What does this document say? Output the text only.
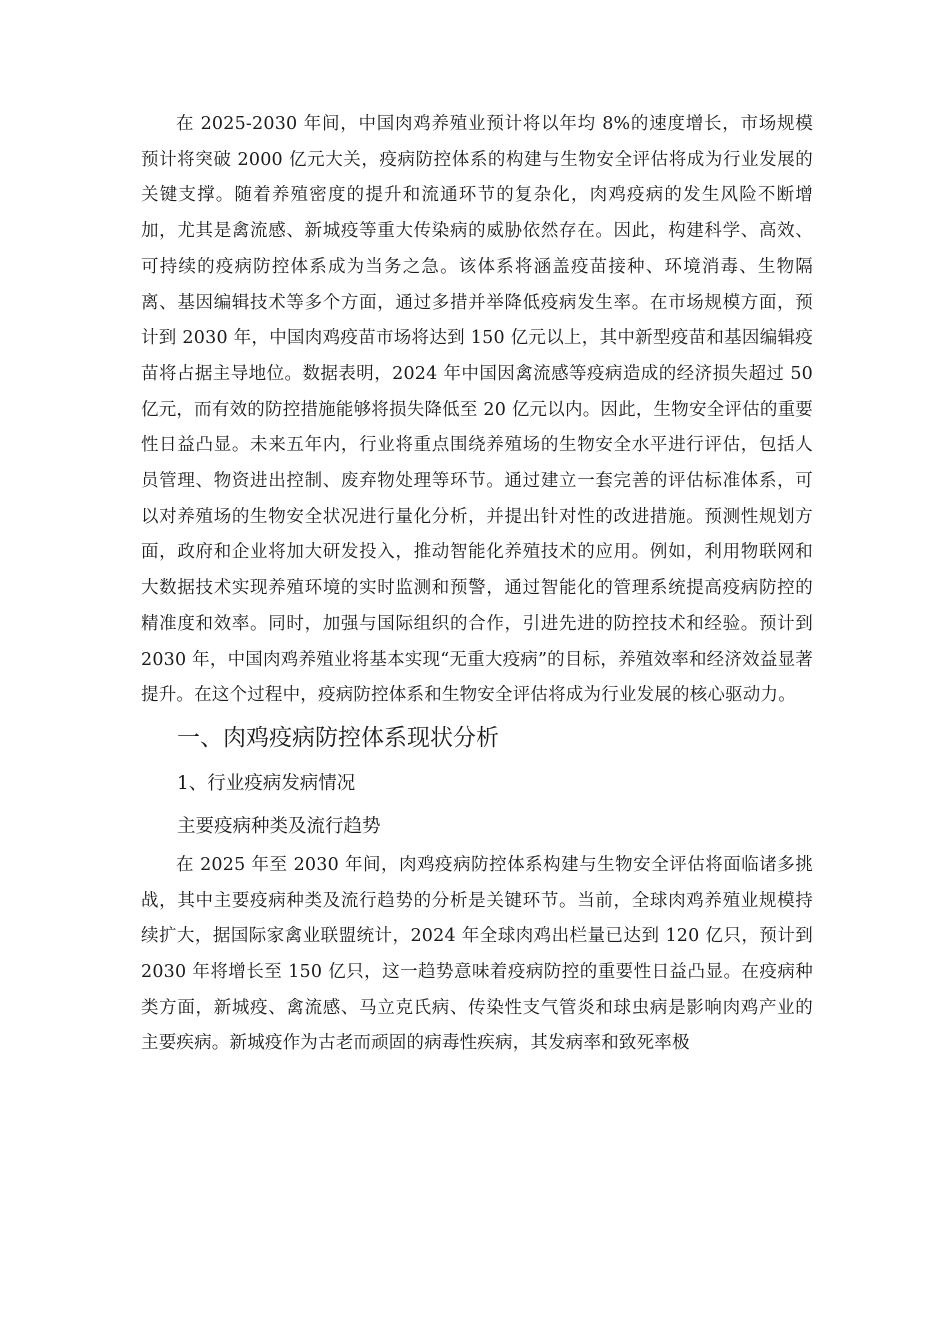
在 2025-2030 年间，中国肉鸡养殖业预计将以年均 8%的速度增长，市场规模预计将突破 2000 亿元大关，疫病防控体系的构建与生物安全评估将成为行业发展的关键支撑。随着养殖密度的提升和流通环节的复杂化，肉鸡疫病的发生风险不断增加，尤其是禽流感、新城疫等重大传染病的威胁依然存在。因此，构建科学、高效、可持续的疫病防控体系成为当务之急。该体系将涵盖疫苗接种、环境消毒、生物隔离、基因编辑技术等多个方面，通过多措并举降低疫病发生率。在市场规模方面，预计到 2030 年，中国肉鸡疫苗市场将达到 150 亿元以上，其中新型疫苗和基因编辑疫苗将占据主导地位。数据表明，2024 年中国因禽流感等疫病造成的经济损失超过 50 亿元，而有效的防控措施能够将损失降低至 20 亿元以内。因此，生物安全评估的重要性日益凸显。未来五年内，行业将重点围绕养殖场的生物安全水平进行评估，包括人员管理、物资进出控制、废弃物处理等环节。通过建立一套完善的评估标准体系，可以对养殖场的生物安全状况进行量化分析，并提出针对性的改进措施。预测性规划方面，政府和企业将加大研发投入，推动智能化养殖技术的应用。例如，利用物联网和大数据技术实现养殖环境的实时监测和预警，通过智能化的管理系统提高疫病防控的精准度和效率。同时，加强与国际组织的合作，引进先进的防控技术和经验。预计到 2030 年，中国肉鸡养殖业将基本实现“无重大疫病”的目标，养殖效率和经济效益显著提升。在这个过程中，疫病防控体系和生物安全评估将成为行业发展的核心驱动力。

一、肉鸡疫病防控体系现状分析
1、行业疫病发病情况
主要疫病种类及流行趋势

在 2025 年至 2030 年间，肉鸡疫病防控体系构建与生物安全评估将面临诸多挑战，其中主要疫病种类及流行趋势的分析是关键环节。当前，全球肉鸡养殖业规模持续扩大，据国际家禽业联盟统计，2024 年全球肉鸡出栏量已达到 120 亿只，预计到 2030 年将增长至 150 亿只，这一趋势意味着疫病防控的重要性日益凸显。在疫病种类方面，新城疫、禽流感、马立克氏病、传染性支气管炎和球虫病是影响肉鸡产业的主要疾病。新城疫作为古老而顽固的病毒性疾病，其发病率和致死率极
